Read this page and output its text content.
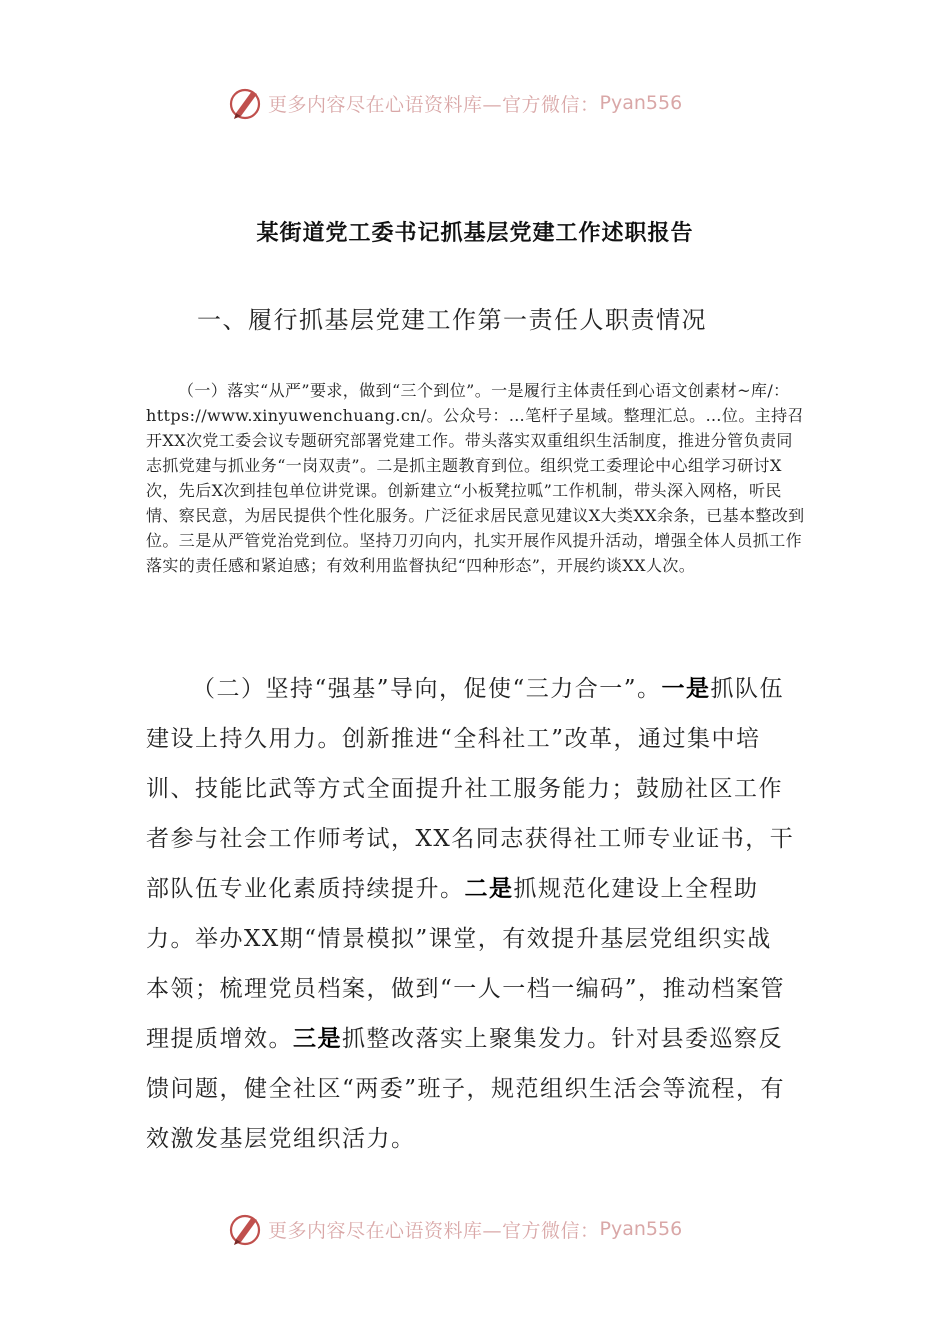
更多内容尽在心语资料库—官方微信： Pyan556
某街道党工委书记抓基层党建工作述职报告
一、履行抓基层党建工作第一责任人职责情况
（一）落实“从严”要求，做到“三个到位”。一是履行主体责任到心语文创素材~库/：https://www.xinyuwenchuang.cn/。公众号：…笔杆子星域。整理汇总。…位。主持召开XX次党工委会议专题研究部署党建工作。带头落实双重组织生活制度，推进分管负责同志抓党建与抓业务“一岗双责”。二是抓主题教育到位。组织党工委理论中心组学习研讨X次，先后X次到挂包单位讲党课。创新建立“小板凳拉呱”工作机制，带头深入网格，听民情、察民意，为居民提供个性化服务。广泛征求居民意见建议X大类XX余条，已基本整改到位。三是从严管党治党到位。坚持刀刃向内，扎实开展作风提升活动，增强全体人员抓工作落实的责任感和紧迫感；有效利用监督执纪“四种形态”，开展约谈XX人次。
（二）坚持“强基”导向，促使“三力合一”。一是抓队伍建设上持久用力。创新推进“全科社工”改革，通过集中培训、技能比武等方式全面提升社工服务能力；鼓励社区工作者参与社会工作师考试，XX名同志获得社工师专业证书，干部队伍专业化素质持续提升。二是抓规范化建设上全程助力。举办XX期“情景模拟”课堂，有效提升基层党组织实战本领；梳理党员档案，做到“一人一档一编码”，推动档案管理提质增效。三是抓整改落实上聚集发力。针对县委巡察反馈问题，健全社区“两委”班子，规范组织生活会等流程，有效激发基层党组织活力。
更多内容尽在心语资料库—官方微信： Pyan556
